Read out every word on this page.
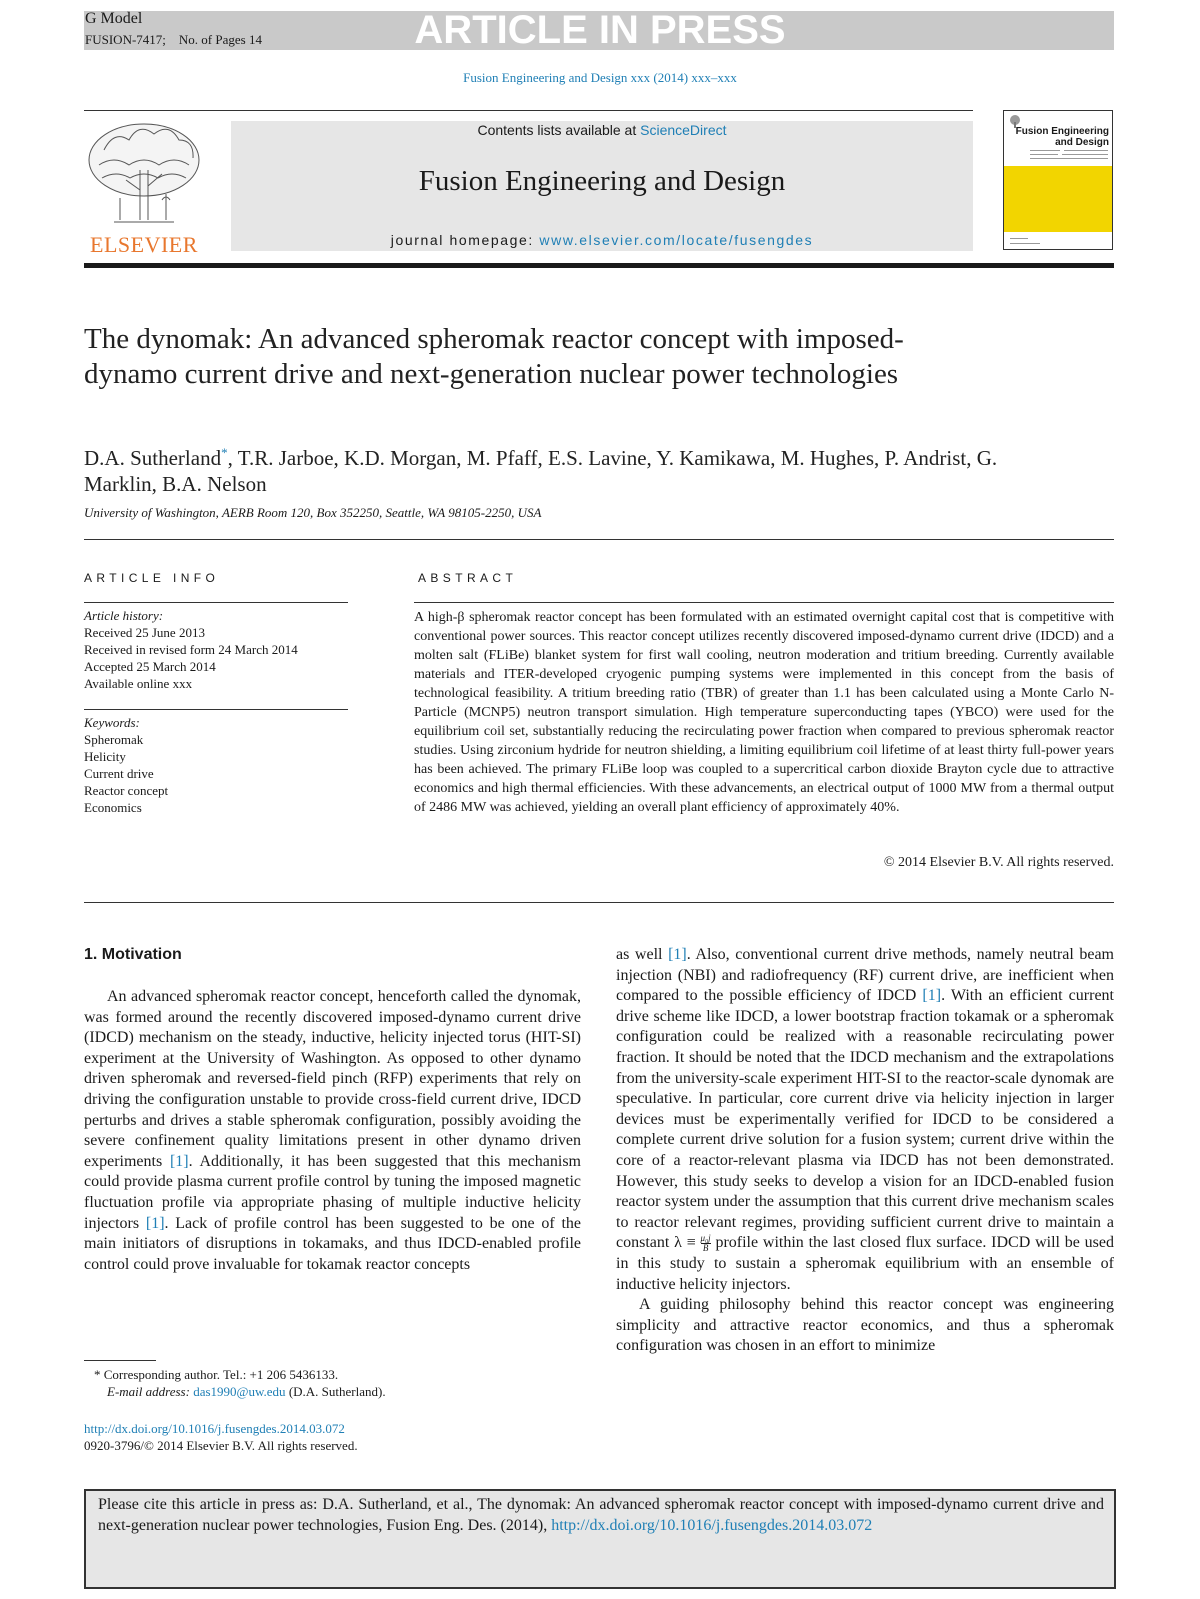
G Model
FUSION-7417; No. of Pages 14	ARTICLE IN PRESS
Fusion Engineering and Design xxx (2014) xxx–xxx
ELSEVIER
Contents lists available at ScienceDirect
Fusion Engineering and Design
journal homepage: www.elsevier.com/locate/fusengdes
Fusion Engineering
and Design
The dynomak: An advanced spheromak reactor concept with imposed-dynamo current drive and next-generation nuclear power technologies
D.A. Sutherland*, T.R. Jarboe, K.D. Morgan, M. Pfaff, E.S. Lavine, Y. Kamikawa, M. Hughes, P. Andrist, G. Marklin, B.A. Nelson
University of Washington, AERB Room 120, Box 352250, Seattle, WA 98105-2250, USA
ARTICLE INFO	ABSTRACT
Article history:
Received 25 June 2013
Received in revised form 24 March 2014
Accepted 25 March 2014
Available online xxx
Keywords:
Spheromak
Helicity
Current drive
Reactor concept
Economics
A high-β spheromak reactor concept has been formulated with an estimated overnight capital cost that is competitive with conventional power sources. This reactor concept utilizes recently discovered imposed-dynamo current drive (IDCD) and a molten salt (FLiBe) blanket system for first wall cooling, neutron moderation and tritium breeding. Currently available materials and ITER-developed cryogenic pumping systems were implemented in this concept from the basis of technological feasibility. A tritium breeding ratio (TBR) of greater than 1.1 has been calculated using a Monte Carlo N-Particle (MCNP5) neutron transport simulation. High temperature superconducting tapes (YBCO) were used for the equilibrium coil set, substantially reducing the recirculating power fraction when compared to previous spheromak reactor studies. Using zirconium hydride for neutron shielding, a limiting equilibrium coil lifetime of at least thirty full-power years has been achieved. The primary FLiBe loop was coupled to a supercritical carbon dioxide Brayton cycle due to attractive economics and high thermal efficiencies. With these advancements, an electrical output of 1000 MW from a thermal output of 2486 MW was achieved, yielding an overall plant efficiency of approximately 40%.
© 2014 Elsevier B.V. All rights reserved.
1. Motivation
An advanced spheromak reactor concept, henceforth called the dynomak, was formed around the recently discovered imposed-dynamo current drive (IDCD) mechanism on the steady, inductive, helicity injected torus (HIT-SI) experiment at the University of Washington. As opposed to other dynamo driven spheromak and reversed-field pinch (RFP) experiments that rely on driving the configuration unstable to provide cross-field current drive, IDCD perturbs and drives a stable spheromak configuration, possibly avoiding the severe confinement quality limitations present in other dynamo driven experiments [1]. Additionally, it has been suggested that this mechanism could provide plasma current profile control by tuning the imposed magnetic fluctuation profile via appropriate phasing of multiple inductive helicity injectors [1]. Lack of profile control has been suggested to be one of the main initiators of disruptions in tokamaks, and thus IDCD-enabled profile control could prove invaluable for tokamak reactor concepts
as well [1]. Also, conventional current drive methods, namely neutral beam injection (NBI) and radiofrequency (RF) current drive, are inefficient when compared to the possible efficiency of IDCD [1]. With an efficient current drive scheme like IDCD, a lower bootstrap fraction tokamak or a spheromak configuration could be realized with a reasonable recirculating power fraction. It should be noted that the IDCD mechanism and the extrapolations from the university-scale experiment HIT-SI to the reactor-scale dynomak are speculative. In particular, core current drive via helicity injection in larger devices must be experimentally verified for IDCD to be considered a complete current drive solution for a fusion system; current drive within the core of a reactor-relevant plasma via IDCD has not been demonstrated. However, this study seeks to develop a vision for an IDCD-enabled fusion reactor system under the assumption that this current drive mechanism scales to reactor relevant regimes, providing sufficient current drive to maintain a constant $\lambda \equiv \frac{\text{μ₀j}}{B}$ profile within the last closed flux surface. IDCD will be used in this study to sustain a spheromak equilibrium with an ensemble of inductive helicity injectors.
A guiding philosophy behind this reactor concept was engineering simplicity and attractive reactor economics, and thus a spheromak configuration was chosen in an effort to minimize
* Corresponding author. Tel.: +1 206 5436133.
E-mail address: das1990@uw.edu (D.A. Sutherland).
http://dx.doi.org/10.1016/j.fusengdes.2014.03.072
0920-3796/© 2014 Elsevier B.V. All rights reserved.
Please cite this article in press as: D.A. Sutherland, et al., The dynomak: An advanced spheromak reactor concept with imposed-dynamo current drive and next-generation nuclear power technologies, Fusion Eng. Des. (2014), http://dx.doi.org/10.1016/j.fusengdes.2014.03.072
